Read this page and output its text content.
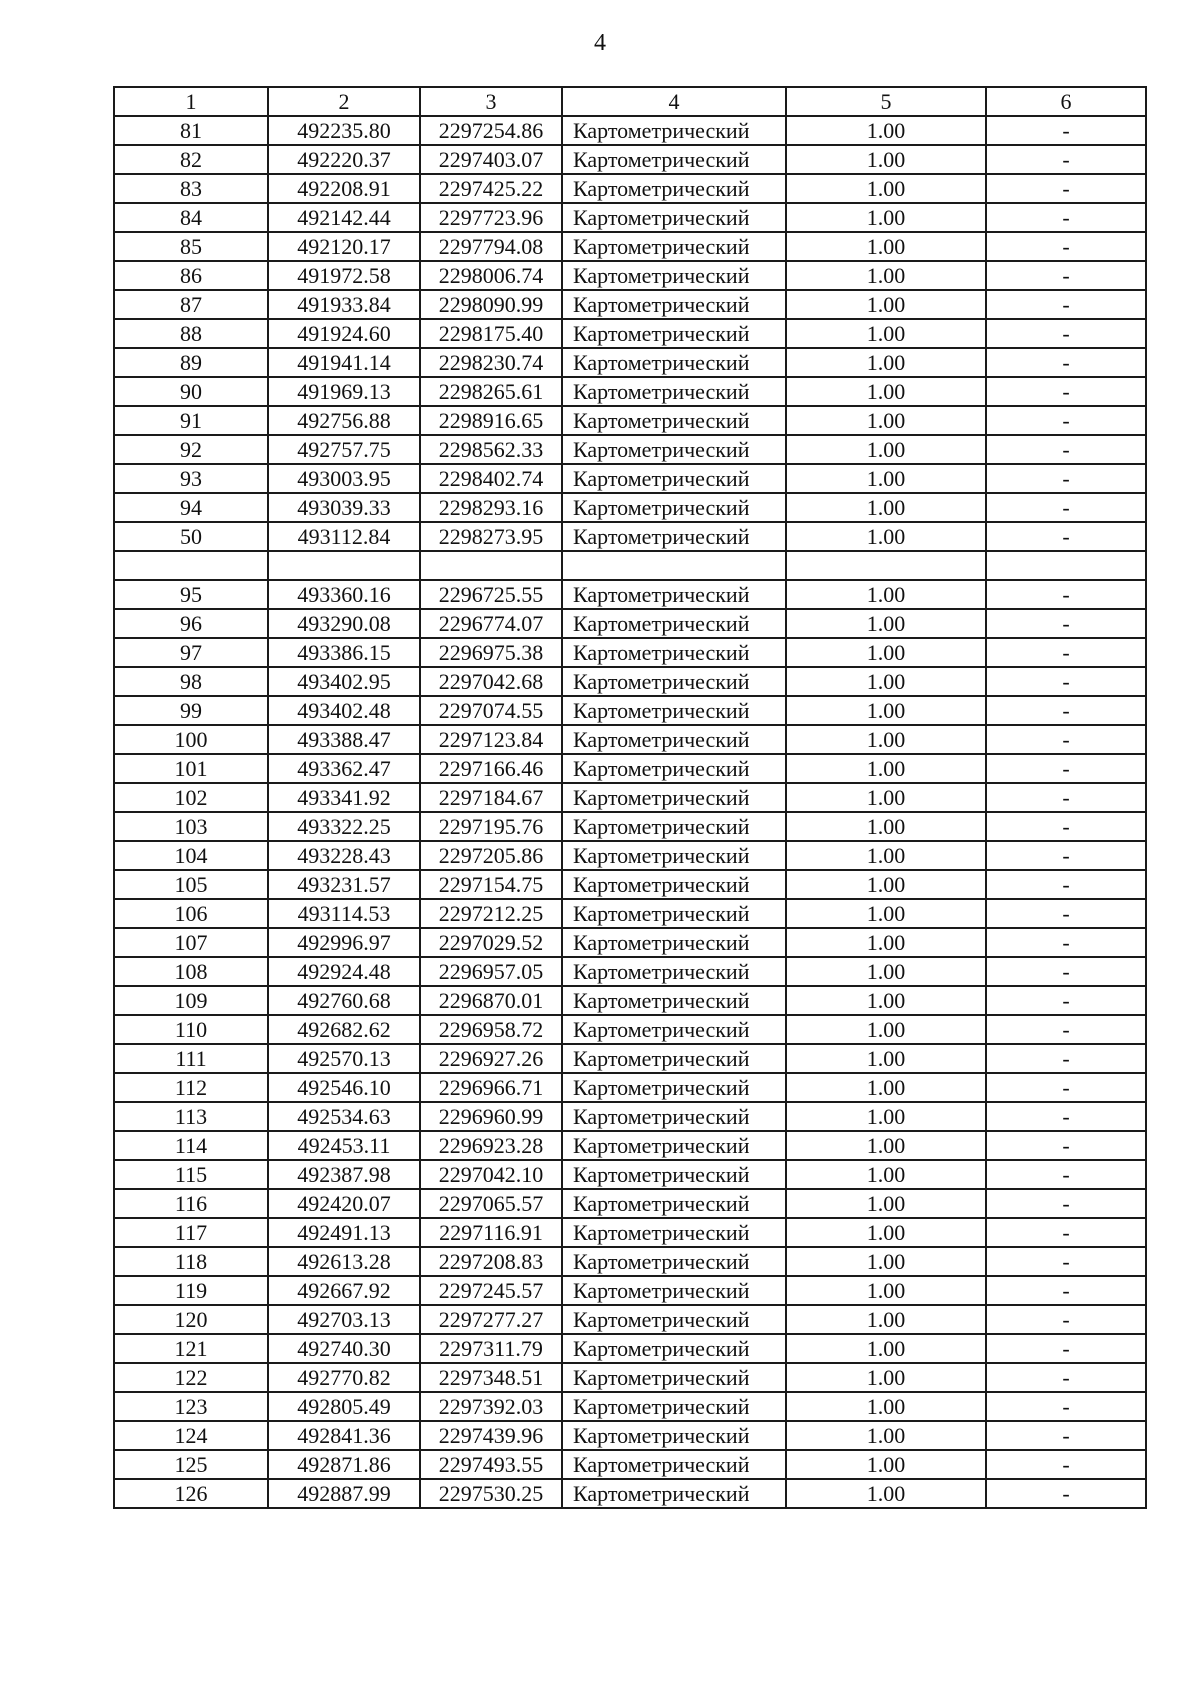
4
1	2	3	4	5	6
81	492235.80	2297254.86	Картометрический	1.00	-
82	492220.37	2297403.07	Картометрический	1.00	-
83	492208.91	2297425.22	Картометрический	1.00	-
84	492142.44	2297723.96	Картометрический	1.00	-
85	492120.17	2297794.08	Картометрический	1.00	-
86	491972.58	2298006.74	Картометрический	1.00	-
87	491933.84	2298090.99	Картометрический	1.00	-
88	491924.60	2298175.40	Картометрический	1.00	-
89	491941.14	2298230.74	Картометрический	1.00	-
90	491969.13	2298265.61	Картометрический	1.00	-
91	492756.88	2298916.65	Картометрический	1.00	-
92	492757.75	2298562.33	Картометрический	1.00	-
93	493003.95	2298402.74	Картометрический	1.00	-
94	493039.33	2298293.16	Картометрический	1.00	-
50	493112.84	2298273.95	Картометрический	1.00	-

95	493360.16	2296725.55	Картометрический	1.00	-
96	493290.08	2296774.07	Картометрический	1.00	-
97	493386.15	2296975.38	Картометрический	1.00	-
98	493402.95	2297042.68	Картометрический	1.00	-
99	493402.48	2297074.55	Картометрический	1.00	-
100	493388.47	2297123.84	Картометрический	1.00	-
101	493362.47	2297166.46	Картометрический	1.00	-
102	493341.92	2297184.67	Картометрический	1.00	-
103	493322.25	2297195.76	Картометрический	1.00	-
104	493228.43	2297205.86	Картометрический	1.00	-
105	493231.57	2297154.75	Картометрический	1.00	-
106	493114.53	2297212.25	Картометрический	1.00	-
107	492996.97	2297029.52	Картометрический	1.00	-
108	492924.48	2296957.05	Картометрический	1.00	-
109	492760.68	2296870.01	Картометрический	1.00	-
110	492682.62	2296958.72	Картометрический	1.00	-
111	492570.13	2296927.26	Картометрический	1.00	-
112	492546.10	2296966.71	Картометрический	1.00	-
113	492534.63	2296960.99	Картометрический	1.00	-
114	492453.11	2296923.28	Картометрический	1.00	-
115	492387.98	2297042.10	Картометрический	1.00	-
116	492420.07	2297065.57	Картометрический	1.00	-
117	492491.13	2297116.91	Картометрический	1.00	-
118	492613.28	2297208.83	Картометрический	1.00	-
119	492667.92	2297245.57	Картометрический	1.00	-
120	492703.13	2297277.27	Картометрический	1.00	-
121	492740.30	2297311.79	Картометрический	1.00	-
122	492770.82	2297348.51	Картометрический	1.00	-
123	492805.49	2297392.03	Картометрический	1.00	-
124	492841.36	2297439.96	Картометрический	1.00	-
125	492871.86	2297493.55	Картометрический	1.00	-
126	492887.99	2297530.25	Картометрический	1.00	-
